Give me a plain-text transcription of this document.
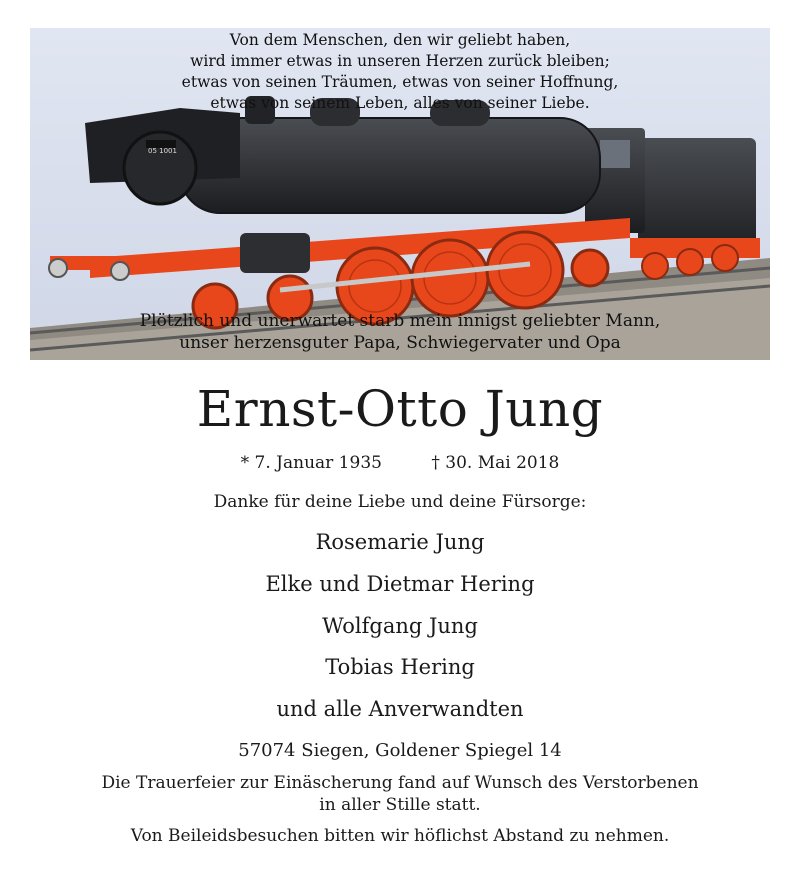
05 1001
Von dem Menschen, den wir geliebt haben,
wird immer etwas in unseren Herzen zurück bleiben;
etwas von seinen Träumen, etwas von seiner Hoffnung,
etwas von seinem Leben, alles von seiner Liebe.
Plötzlich und unerwartet starb mein innigst geliebter Mann,
unser herzensguter Papa, Schwiegervater und Opa
Ernst-Otto Jung
* 7. Januar 1935	† 30. Mai 2018
Danke für deine Liebe und deine Fürsorge:
Rosemarie Jung
Elke und Dietmar Hering
Wolfgang Jung
Tobias Hering
und alle Anverwandten
57074 Siegen, Goldener Spiegel 14
Die Trauerfeier zur Einäscherung fand auf Wunsch des Verstorbenen
in aller Stille statt.
Von Beileidsbesuchen bitten wir höflichst Abstand zu nehmen.
